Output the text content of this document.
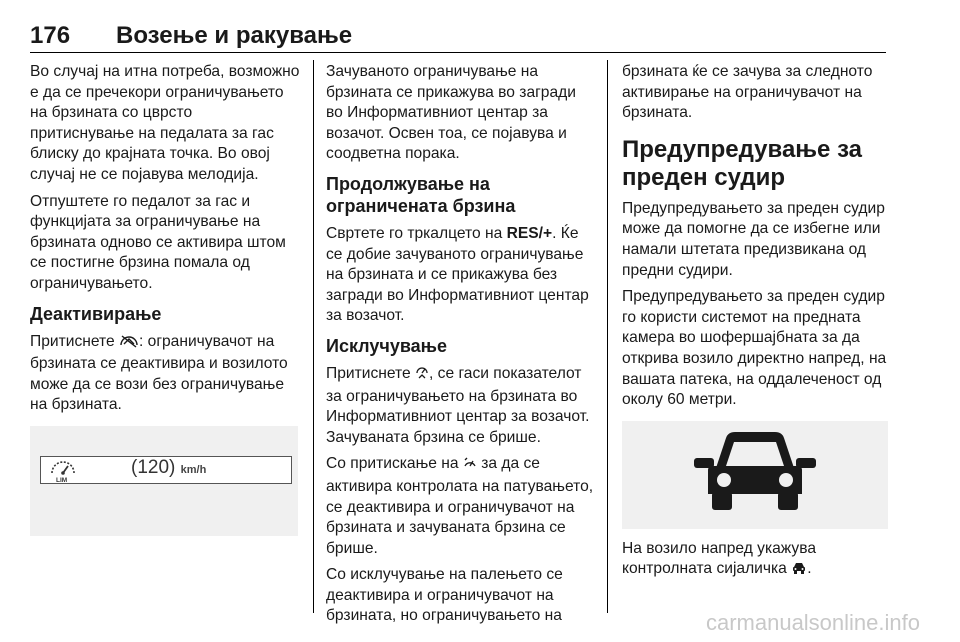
176 Возење и ракување

Во случај на итна потреба, возможно е да се пречекори ограничувањето на брзината со цврсто притиснување на педалата за гас блиску до крајната точка. Во овој случај не се појавува мелодија.

Отпуштете го педалот за гас и функцијата за ограничување на брзината одново се активира штом се постигне брзина помала од ограничувањето.

Деактивирање

Притиснете : ограничувачот на брзината се деактивира и возилото може да се вози без ограничување на брзината.

LIM
(120) km/h

Зачуваното ограничување на брзината се прикажува во загради во Информативниот центар за возачот. Освен тоа, се појавува и соодветна порака.

Продолжување на ограничената брзина

Свртете го тркалцето на RES/+. Ќе се добие зачуваното ограничување на брзината и се прикажува без загради во Информативниот центар за возачот.

Исклучување

Притиснете , се гаси показателот за ограничувањето на брзината во Информативниот центар за возачот. Зачуваната брзина се брише.

Со притискање на  за да се активира контролата на патувањето, се деактивира и ограничувачот на брзината и зачуваната брзина се брише.

Со исклучување на палењето се деактивира и ограничувачот на брзината, но ограничувањето на

брзината ќе се зачува за следното активирање на ограничувачот на брзината.

Предупредување за преден судир

Предупредувањето за преден судир може да помогне да се избегне или намали штетата предизвикана од предни судири.

Предупредувањето за преден судир го користи системот на предната камера во шофершајбната за да открива возило директно напред, на вашата патека, на оддалеченост од околу 60 метри.

На возило напред укажува контролната сијаличка .

carmanualsonline.info
